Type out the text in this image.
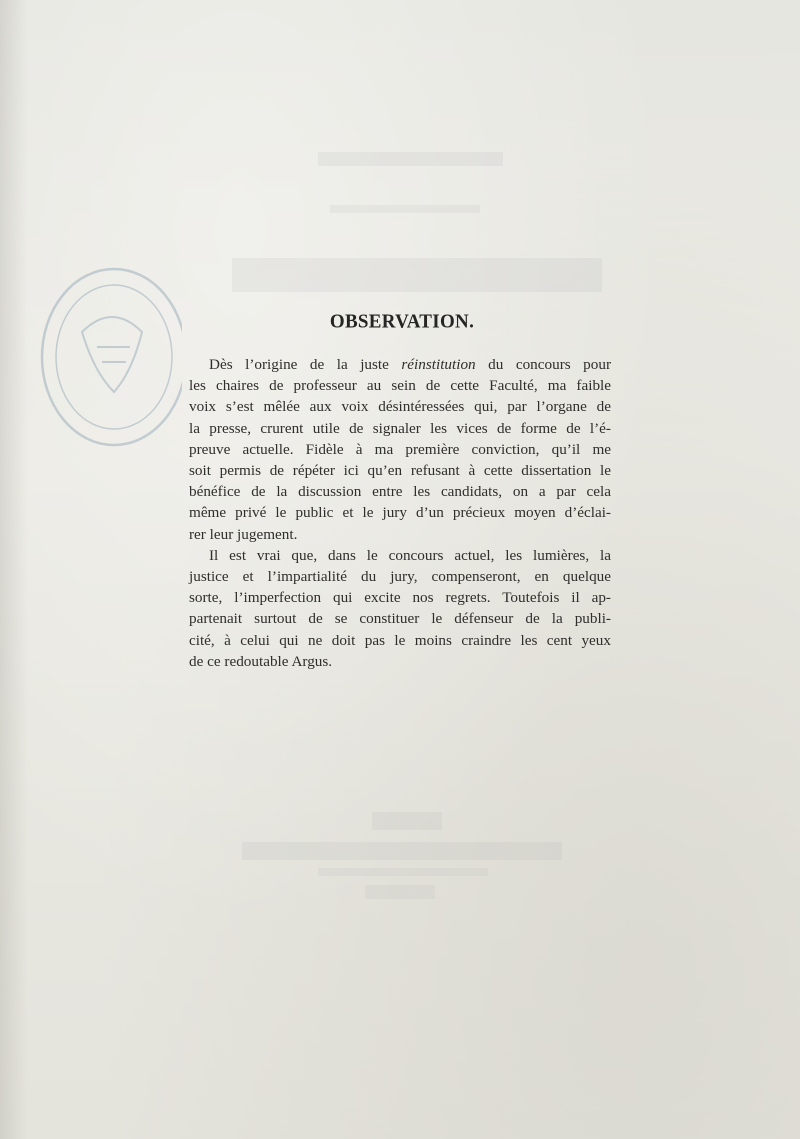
OBSERVATION.
Dès l’origine de la juste réinstitution du concours pour
les chaires de professeur au sein de cette Faculté, ma faible
voix s’est mêlée aux voix désintéressées qui, par l’organe de
la presse, crurent utile de signaler les vices de forme de l’é-
preuve actuelle. Fidèle à ma première conviction, qu’il me
soit permis de répéter ici qu’en refusant à cette dissertation le
bénéfice de la discussion entre les candidats, on a par cela
même privé le public et le jury d’un précieux moyen d’éclai-
rer leur jugement.
Il est vrai que, dans le concours actuel, les lumières, la
justice et l’impartialité du jury, compenseront, en quelque
sorte, l’imperfection qui excite nos regrets. Toutefois il ap-
partenait surtout de se constituer le défenseur de la publi-
cité, à celui qui ne doit pas le moins craindre les cent yeux
de ce redoutable Argus.
